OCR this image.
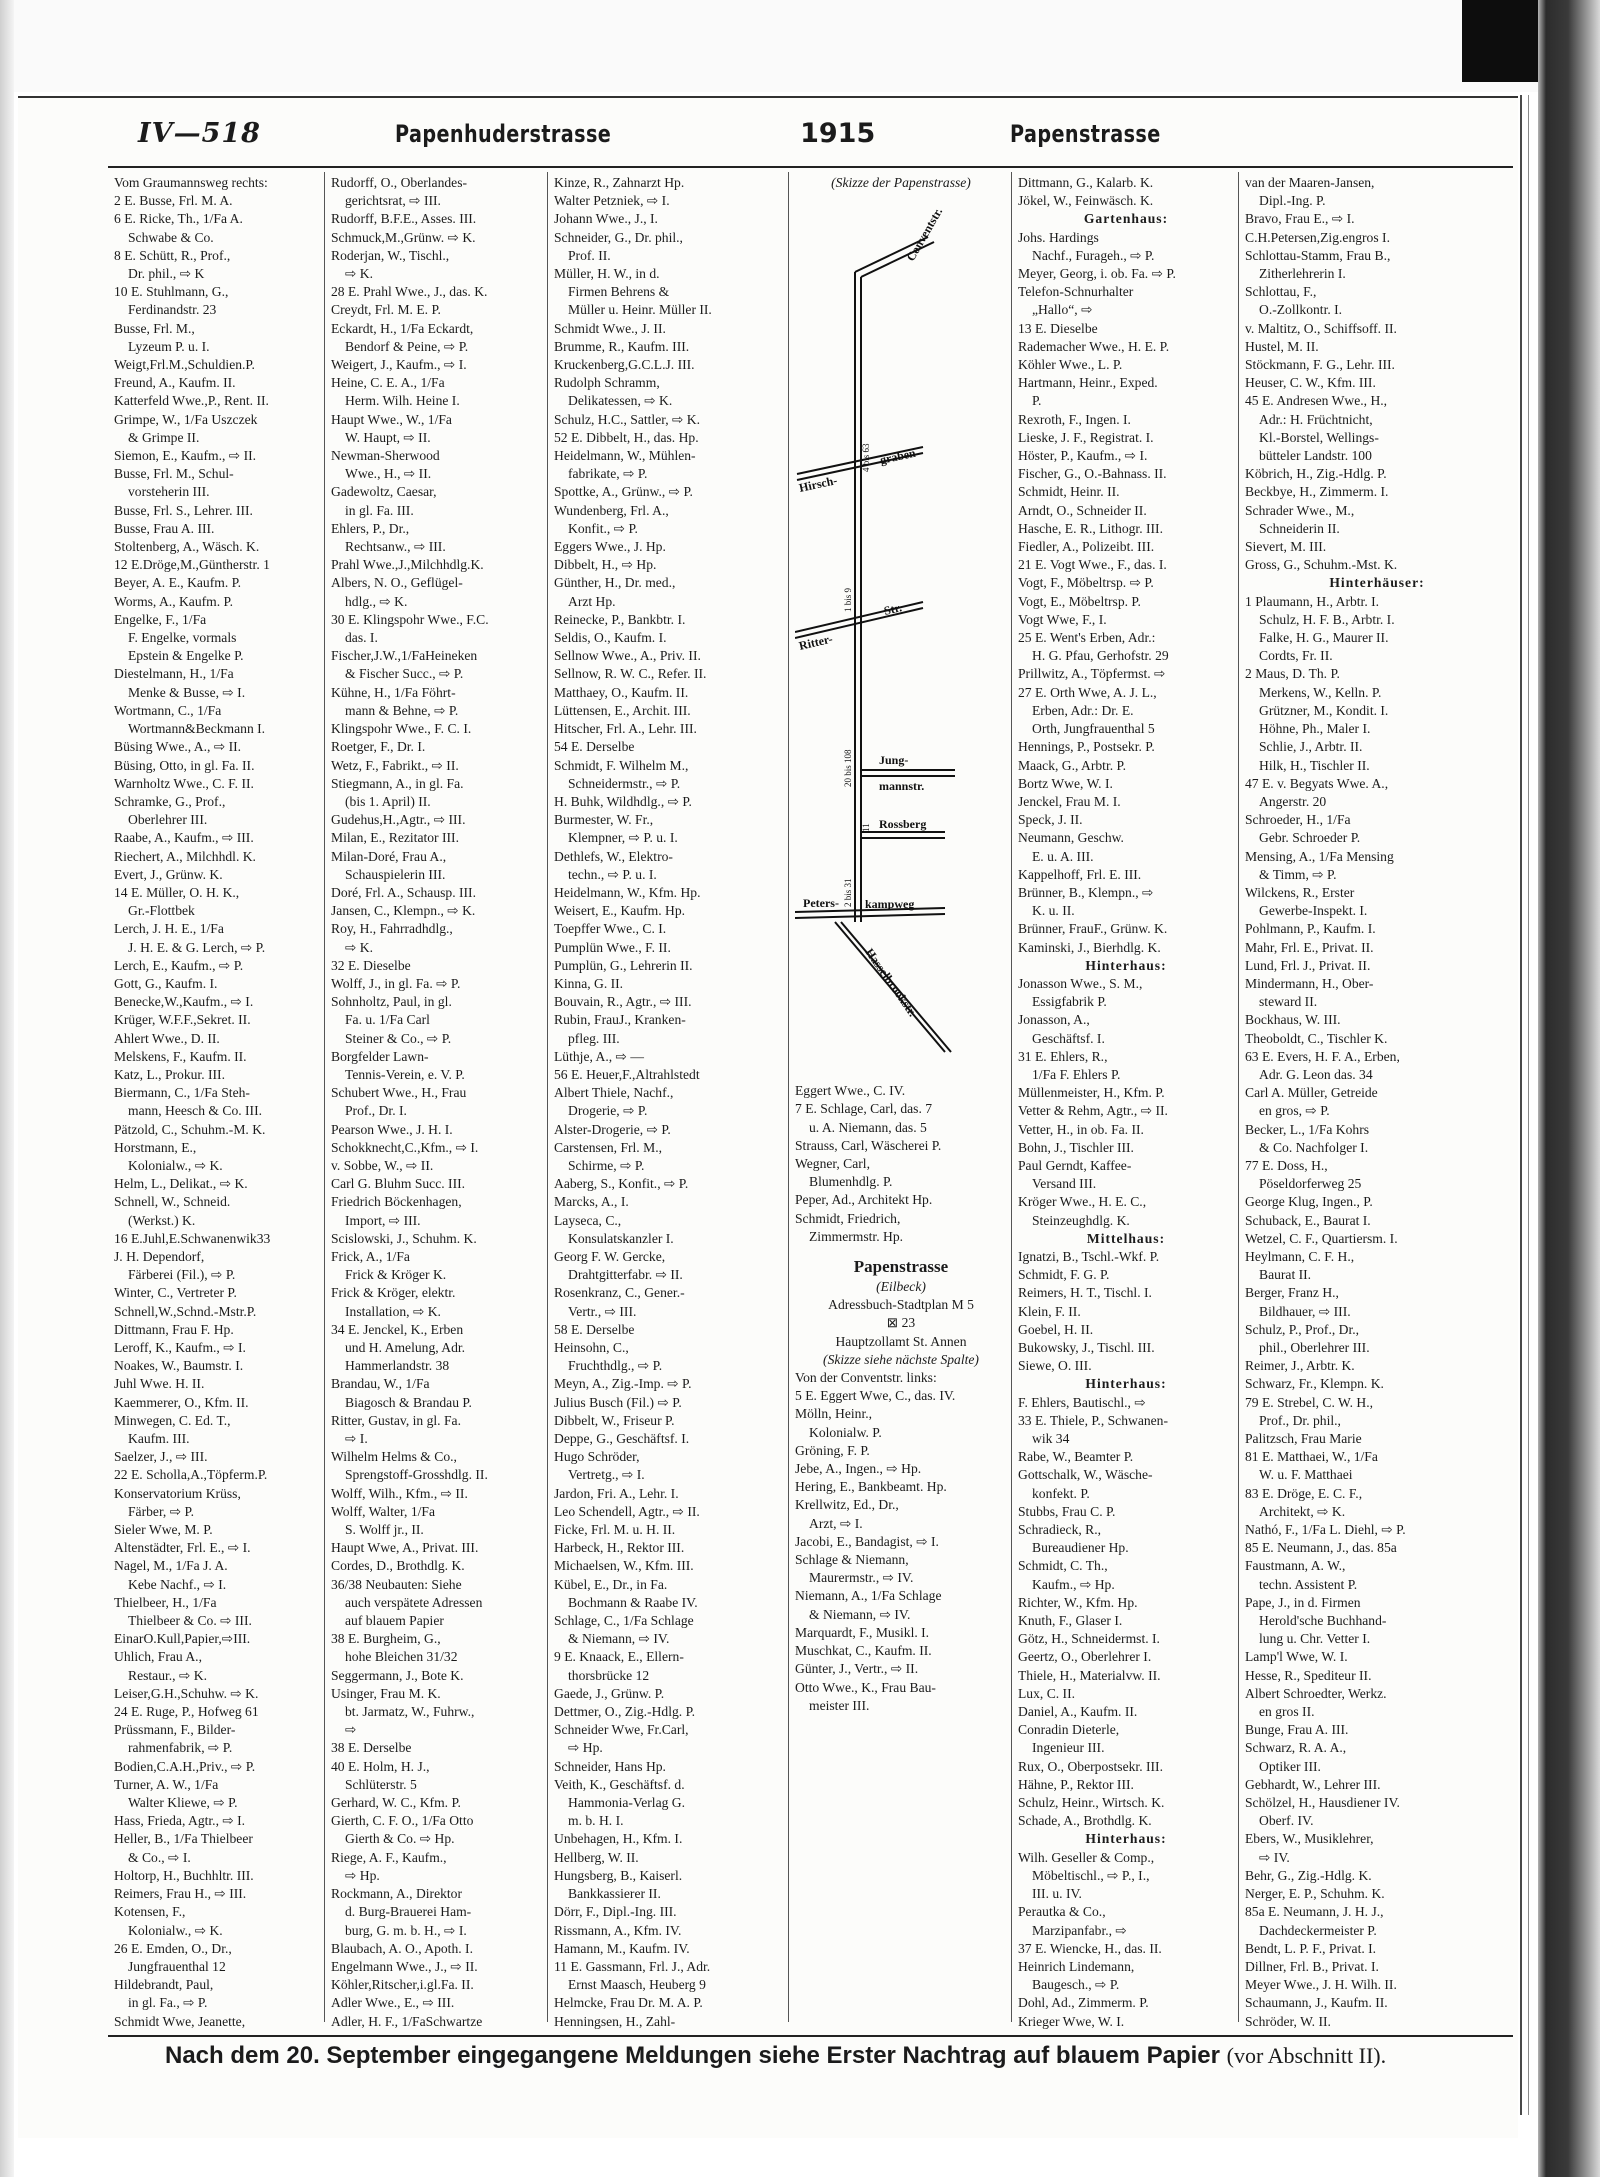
IV—518	Papenhuderstrasse	1915	Papenstrasse
Vom Graumannsweg rechts:
2 E. Busse, Frl. M. A.
6 E. Ricke, Th., 1/Fa A.
Schwabe & Co.
8 E. Schütt, R., Prof.,
Dr. phil., ⇨ K
10 E. Stuhlmann, G.,
Ferdinandstr. 23
Busse, Frl. M.,
Lyzeum P. u. I.
Weigt,Frl.M.,Schuldien.P.
Freund, A., Kaufm. II.
Katterfeld Wwe.,P., Rent. II.
Grimpe, W., 1/Fa Uszczek
& Grimpe II.
Siemon, E., Kaufm., ⇨ II.
Busse, Frl. M., Schul-
vorsteherin III.
Busse, Frl. S., Lehrer. III.
Busse, Frau A. III.
Stoltenberg, A., Wäsch. K.
12 E.Dröge,M.,Güntherstr. 1
Beyer, A. E., Kaufm. P.
Worms, A., Kaufm. P.
Engelke, F., 1/Fa
F. Engelke, vormals
Epstein & Engelke P.
Diestelmann, H., 1/Fa
Menke & Busse, ⇨ I.
Wortmann, C., 1/Fa
Wortmann&Beckmann I.
Büsing Wwe., A., ⇨ II.
Büsing, Otto, in gl. Fa. II.
Warnholtz Wwe., C. F. II.
Schramke, G., Prof.,
Oberlehrer III.
Raabe, A., Kaufm., ⇨ III.
Riechert, A., Milchhdl. K.
Evert, J., Grünw. K.
14 E. Müller, O. H. K.,
Gr.-Flottbek
Lerch, J. H. E., 1/Fa
J. H. E. & G. Lerch, ⇨ P.
Lerch, E., Kaufm., ⇨ P.
Gott, G., Kaufm. I.
Benecke,W.,Kaufm., ⇨ I.
Krüger, W.F.F.,Sekret. II.
Ahlert Wwe., D. II.
Melskens, F., Kaufm. II.
Katz, L., Prokur. III.
Biermann, C., 1/Fa Steh-
mann, Heesch & Co. III.
Pätzold, C., Schuhm.-M. K.
Horstmann, E.,
Kolonialw., ⇨ K.
Helm, L., Delikat., ⇨ K.
Schnell, W., Schneid.
(Werkst.) K.
16 E.Juhl,E.Schwanenwik33
J. H. Dependorf,
Färberei (Fil.), ⇨ P.
Winter, C., Vertreter P.
Schnell,W.,Schnd.-Mstr.P.
Dittmann, Frau F. Hp.
Leroff, K., Kaufm., ⇨ I.
Noakes, W., Baumstr. I.
Juhl Wwe. H. II.
Kaemmerer, O., Kfm. II.
Minwegen, C. Ed. T.,
Kaufm. III.
Saelzer, J., ⇨ III.
22 E. Scholla,A.,Töpferm.P.
Konservatorium Krüss,
Färber, ⇨ P.
Sieler Wwe, M. P.
Altenstädter, Frl. E., ⇨ I.
Nagel, M., 1/Fa J. A.
Kebe Nachf., ⇨ I.
Thielbeer, H., 1/Fa
Thielbeer & Co. ⇨ III.
EinarO.Kull,Papier,⇨III.
Uhlich, Frau A.,
Restaur., ⇨ K.
Leiser,G.H.,Schuhw. ⇨ K.
24 E. Ruge, P., Hofweg 61
Prüssmann, F., Bilder-
rahmenfabrik, ⇨ P.
Bodien,C.A.H.,Priv., ⇨ P.
Turner, A. W., 1/Fa
Walter Kliewe, ⇨ P.
Hass, Frieda, Agtr., ⇨ I.
Heller, B., 1/Fa Thielbeer
& Co., ⇨ I.
Holtorp, H., Buchhltr. III.
Reimers, Frau H., ⇨ III.
Kotensen, F.,
Kolonialw., ⇨ K.
26 E. Emden, O., Dr.,
Jungfrauenthal 12
Hildebrandt, Paul,
in gl. Fa., ⇨ P.
Schmidt Wwe, Jeanette,
Rudorff, O., Oberlandes-
gerichtsrat, ⇨ III.
Rudorff, B.F.E., Asses. III.
Schmuck,M.,Grünw. ⇨ K.
Roderjan, W., Tischl.,
⇨ K.
28 E. Prahl Wwe., J., das. K.
Creydt, Frl. M. E. P.
Eckardt, H., 1/Fa Eckardt,
Bendorf & Peine, ⇨ P.
Weigert, J., Kaufm., ⇨ I.
Heine, C. E. A., 1/Fa
Herm. Wilh. Heine I.
Haupt Wwe., W., 1/Fa
W. Haupt, ⇨ II.
Newman-Sherwood
Wwe., H., ⇨ II.
Gadewoltz, Caesar,
in gl. Fa. III.
Ehlers, P., Dr.,
Rechtsanw., ⇨ III.
Prahl Wwe.,J.,Milchhdlg.K.
Albers, N. O., Geflügel-
hdlg., ⇨ K.
30 E. Klingspohr Wwe., F.C.
das. I.
Fischer,J.W.,1/FaHeineken
& Fischer Succ., ⇨ P.
Kühne, H., 1/Fa Föhrt-
mann & Behne, ⇨ P.
Klingspohr Wwe., F. C. I.
Roetger, F., Dr. I.
Wetz, F., Fabrikt., ⇨ II.
Stiegmann, A., in gl. Fa.
(bis 1. April) II.
Gudehus,H.,Agtr., ⇨ III.
Milan, E., Rezitator III.
Milan-Doré, Frau A.,
Schauspielerin III.
Doré, Frl. A., Schausp. III.
Jansen, C., Klempn., ⇨ K.
Roy, H., Fahrradhdlg.,
⇨ K.
32 E. Dieselbe
Wolff, J., in gl. Fa. ⇨ P.
Sohnholtz, Paul, in gl.
Fa. u. 1/Fa Carl
Steiner & Co., ⇨ P.
Borgfelder Lawn-
Tennis-Verein, e. V. P.
Schubert Wwe., H., Frau
Prof., Dr. I.
Pearson Wwe., J. H. I.
Schokknecht,C.,Kfm., ⇨ I.
v. Sobbe, W., ⇨ II.
Carl G. Bluhm Succ. III.
Friedrich Böckenhagen,
Import, ⇨ III.
Scislowski, J., Schuhm. K.
Frick, A., 1/Fa
Frick & Kröger K.
Frick & Kröger, elektr.
Installation, ⇨ K.
34 E. Jenckel, K., Erben
und H. Amelung, Adr.
Hammerlandstr. 38
Brandau, W., 1/Fa
Biagosch & Brandau P.
Ritter, Gustav, in gl. Fa.
⇨ I.
Wilhelm Helms & Co.,
Sprengstoff-Grosshdlg. II.
Wolff, Wilh., Kfm., ⇨ II.
Wolff, Walter, 1/Fa
S. Wolff jr., II.
Haupt Wwe, A., Privat. III.
Cordes, D., Brothdlg. K.
36/38 Neubauten: Siehe
auch verspätete Adressen
auf blauem Papier
38 E. Burgheim, G.,
hohe Bleichen 31/32
Seggermann, J., Bote K.
Usinger, Frau M. K.
bt. Jarmatz, W., Fuhrw.,
⇨
38 E. Derselbe
40 E. Holm, H. J.,
Schlüterstr. 5
Gerhard, W. C., Kfm. P.
Gierth, C. F. O., 1/Fa Otto
Gierth & Co. ⇨ Hp.
Riege, A. F., Kaufm.,
⇨ Hp.
Rockmann, A., Direktor
d. Burg-Brauerei Ham-
burg, G. m. b. H., ⇨ I.
Blaubach, A. O., Apoth. I.
Engelmann Wwe., J., ⇨ II.
Köhler,Ritscher,i.gl.Fa. II.
Adler Wwe., E., ⇨ III.
Adler, H. F., 1/FaSchwartze
Kinze, R., Zahnarzt Hp.
Walter Petzniek, ⇨ I.
Johann Wwe., J., I.
Schneider, G., Dr. phil.,
Prof. II.
Müller, H. W., in d.
Firmen Behrens &
Müller u. Heinr. Müller II.
Schmidt Wwe., J. II.
Brumme, R., Kaufm. III.
Kruckenberg,G.C.L.J. III.
Rudolph Schramm,
Delikatessen, ⇨ K.
Schulz, H.C., Sattler, ⇨ K.
52 E. Dibbelt, H., das. Hp.
Heidelmann, W., Mühlen-
fabrikate, ⇨ P.
Spottke, A., Grünw., ⇨ P.
Wundenberg, Frl. A.,
Konfit., ⇨ P.
Eggers Wwe., J. Hp.
Dibbelt, H., ⇨ Hp.
Günther, H., Dr. med.,
Arzt Hp.
Reinecke, P., Bankbtr. I.
Seldis, O., Kaufm. I.
Sellnow Wwe., A., Priv. II.
Sellnow, R. W. C., Refer. II.
Matthaey, O., Kaufm. II.
Lüttensen, E., Archit. III.
Hitscher, Frl. A., Lehr. III.
54 E. Derselbe
Schmidt, F. Wilhelm M.,
Schneidermstr., ⇨ P.
H. Buhk, Wildhdlg., ⇨ P.
Burmester, W. Fr.,
Klempner, ⇨ P. u. I.
Dethlefs, W., Elektro-
techn., ⇨ P. u. I.
Heidelmann, W., Kfm. Hp.
Weisert, E., Kaufm. Hp.
Toepffer Wwe., C. I.
Pumplün Wwe., F. II.
Pumplün, G., Lehrerin II.
Kinna, G. II.
Bouvain, R., Agtr., ⇨ III.
Rubin, FrauJ., Kranken-
pfleg. III.
Lüthje, A., ⇨ —
56 E. Heuer,F.,Altrahlstedt
Albert Thiele, Nachf.,
Drogerie, ⇨ P.
Alster-Drogerie, ⇨ P.
Carstensen, Frl. M.,
Schirme, ⇨ P.
Aaberg, S., Konfit., ⇨ P.
Marcks, A., I.
Layseca, C.,
Konsulatskanzler I.
Georg F. W. Gercke,
Drahtgitterfabr. ⇨ II.
Rosenkranz, C., Gener.-
Vertr., ⇨ III.
58 E. Derselbe
Heinsohn, C.,
Fruchthdlg., ⇨ P.
Meyn, A., Zig.-Imp. ⇨ P.
Julius Busch (Fil.) ⇨ P.
Dibbelt, W., Friseur P.
Deppe, G., Geschäftsf. I.
Hugo Schröder,
Vertretg., ⇨ I.
Jardon, Fri. A., Lehr. I.
Leo Schendell, Agtr., ⇨ II.
Ficke, Frl. M. u. H. II.
Harbeck, H., Rektor III.
Michaelsen, W., Kfm. III.
Kübel, E., Dr., in Fa.
Bochmann & Raabe IV.
Schlage, C., 1/Fa Schlage
& Niemann, ⇨ IV.
9 E. Knaack, E., Ellern-
thorsbrücke 12
Gaede, J., Grünw. P.
Dettmer, O., Zig.-Hdlg. P.
Schneider Wwe, Fr.Carl,
⇨ Hp.
Schneider, Hans Hp.
Veith, K., Geschäftsf. d.
Hammonia-Verlag G.
m. b. H. I.
Unbehagen, H., Kfm. I.
Hellberg, W. II.
Hungsberg, B., Kaiserl.
Bankkassierer II.
Dörr, F., Dipl.-Ing. III.
Rissmann, A., Kfm. IV.
Hamann, M., Kaufm. IV.
11 E. Gassmann, Frl. J., Adr.
Ernst Maasch, Heuberg 9
Helmcke, Frau Dr. M. A. P.
Henningsen, H., Zahl-
(Skizze der Papenstrasse)
Conventstr.
Hirsch-
graben
Ritter-
Str.
Jung-
mannstr.
Rossberg
Peters- kampweg
Hasselbrookstr.
4 bis 63
1 bis 9
20 bis 108
11
2 bis 31
Eggert Wwe., C. IV.
7 E. Schlage, Carl, das. 7
u. A. Niemann, das. 5
Strauss, Carl, Wäscherei P.
Wegner, Carl,
Blumenhdlg. P.
Peper, Ad., Architekt Hp.
Schmidt, Friedrich,
Zimmermstr. Hp.
Papenstrasse
(Eilbeck)
Adressbuch-Stadtplan M 5
⊠ 23
Hauptzollamt St. Annen
(Skizze siehe nächste Spalte)
Von der Conventstr. links:
5 E. Eggert Wwe, C., das. IV.
Mölln, Heinr.,
Kolonialw. P.
Gröning, F. P.
Jebe, A., Ingen., ⇨ Hp.
Hering, E., Bankbeamt. Hp.
Krellwitz, Ed., Dr.,
Arzt, ⇨ I.
Jacobi, E., Bandagist, ⇨ I.
Schlage & Niemann,
Maurermstr., ⇨ IV.
Niemann, A., 1/Fa Schlage
& Niemann, ⇨ IV.
Marquardt, F., Musikl. I.
Muschkat, C., Kaufm. II.
Günter, J., Vertr., ⇨ II.
Otto Wwe., K., Frau Bau-
meister III.
Dittmann, G., Kalarb. K.
Jökel, W., Feinwäsch. K.
Gartenhaus:
Johs. Hardings
Nachf., Furageh., ⇨ P.
Meyer, Georg, i. ob. Fa. ⇨ P.
Telefon-Schnurhalter
„Hallo“, ⇨
13 E. Dieselbe
Rademacher Wwe., H. E. P.
Köhler Wwe., L. P.
Hartmann, Heinr., Exped.
P.
Rexroth, F., Ingen. I.
Lieske, J. F., Registrat. I.
Höster, P., Kaufm., ⇨ I.
Fischer, G., O.-Bahnass. II.
Schmidt, Heinr. II.
Arndt, O., Schneider II.
Hasche, E. R., Lithogr. III.
Fiedler, A., Polizeibt. III.
21 E. Vogt Wwe., F., das. I.
Vogt, F., Möbeltrsp. ⇨ P.
Vogt, E., Möbeltrsp. P.
Vogt Wwe, F., I.
25 E. Went's Erben, Adr.:
H. G. Pfau, Gerhofstr. 29
Prillwitz, A., Töpfermst. ⇨
27 E. Orth Wwe, A. J. L.,
Erben, Adr.: Dr. E.
Orth, Jungfrauenthal 5
Hennings, P., Postsekr. P.
Maack, G., Arbtr. P.
Bortz Wwe, W. I.
Jenckel, Frau M. I.
Speck, J. II.
Neumann, Geschw.
E. u. A. III.
Kappelhoff, Frl. E. III.
Brünner, B., Klempn., ⇨
K. u. II.
Brünner, FrauF., Grünw. K.
Kaminski, J., Bierhdlg. K.
Hinterhaus:
Jonasson Wwe., S. M.,
Essigfabrik P.
Jonasson, A.,
Geschäftsf. I.
31 E. Ehlers, R.,
1/Fa F. Ehlers P.
Müllenmeister, H., Kfm. P.
Vetter & Rehm, Agtr., ⇨ II.
Vetter, H., in ob. Fa. II.
Bohn, J., Tischler III.
Paul Gerndt, Kaffee-
Versand III.
Kröger Wwe., H. E. C.,
Steinzeughdlg. K.
Mittelhaus:
Ignatzi, B., Tschl.-Wkf. P.
Schmidt, F. G. P.
Reimers, H. T., Tischl. I.
Klein, F. II.
Goebel, H. II.
Bukowsky, J., Tischl. III.
Siewe, O. III.
Hinterhaus:
F. Ehlers, Bautischl., ⇨
33 E. Thiele, P., Schwanen-
wik 34
Rabe, W., Beamter P.
Gottschalk, W., Wäsche-
konfekt. P.
Stubbs, Frau C. P.
Schradieck, R.,
Bureaudiener Hp.
Schmidt, C. Th.,
Kaufm., ⇨ Hp.
Richter, W., Kfm. Hp.
Knuth, F., Glaser I.
Götz, H., Schneidermst. I.
Geertz, O., Oberlehrer I.
Thiele, H., Materialvw. II.
Lux, C. II.
Daniel, A., Kaufm. II.
Conradin Dieterle,
Ingenieur III.
Rux, O., Oberpostsekr. III.
Hähne, P., Rektor III.
Schulz, Heinr., Wirtsch. K.
Schade, A., Brothdlg. K.
Hinterhaus:
Wilh. Geseller & Comp.,
Möbeltischl., ⇨ P., I.,
III. u. IV.
Perautka & Co.,
Marzipanfabr., ⇨
37 E. Wiencke, H., das. II.
Heinrich Lindemann,
Baugesch., ⇨ P.
Dohl, Ad., Zimmerm. P.
Krieger Wwe, W. I.
van der Maaren-Jansen,
Dipl.-Ing. P.
Bravo, Frau E., ⇨ I.
C.H.Petersen,Zig.engros I.
Schlottau-Stamm, Frau B.,
Zitherlehrerin I.
Schlottau, F.,
O.-Zollkontr. I.
v. Maltitz, O., Schiffsoff. II.
Hustel, M. II.
Stöckmann, F. G., Lehr. III.
Heuser, C. W., Kfm. III.
45 E. Andresen Wwe., H.,
Adr.: H. Früchtnicht,
Kl.-Borstel, Wellings-
bütteler Landstr. 100
Köbrich, H., Zig.-Hdlg. P.
Beckbye, H., Zimmerm. I.
Schrader Wwe., M.,
Schneiderin II.
Sievert, M. III.
Gross, G., Schuhm.-Mst. K.
Hinterhäuser:
1 Plaumann, H., Arbtr. I.
Schulz, H. F. B., Arbtr. I.
Falke, H. G., Maurer II.
Cordts, Fr. II.
2 Maus, D. Th. P.
Merkens, W., Kelln. P.
Grützner, M., Kondit. I.
Höhne, Ph., Maler I.
Schlie, J., Arbtr. II.
Hilk, H., Tischler II.
47 E. v. Begyats Wwe. A.,
Angerstr. 20
Schroeder, H., 1/Fa
Gebr. Schroeder P.
Mensing, A., 1/Fa Mensing
& Timm, ⇨ P.
Wilckens, R., Erster
Gewerbe-Inspekt. I.
Pohlmann, P., Kaufm. I.
Mahr, Frl. E., Privat. II.
Lund, Frl. J., Privat. II.
Mindermann, H., Ober-
steward II.
Bockhaus, W. III.
Theoboldt, C., Tischler K.
63 E. Evers, H. F. A., Erben,
Adr. G. Leon das. 34
Carl A. Müller, Getreide
en gros, ⇨ P.
Becker, L., 1/Fa Kohrs
& Co. Nachfolger I.
77 E. Doss, H.,
Pöseldorferweg 25
George Klug, Ingen., P.
Schuback, E., Baurat I.
Wetzel, C. F., Quartiersm. I.
Heylmann, C. F. H.,
Baurat II.
Berger, Franz H.,
Bildhauer, ⇨ III.
Schulz, P., Prof., Dr.,
phil., Oberlehrer III.
Reimer, J., Arbtr. K.
Schwarz, Fr., Klempn. K.
79 E. Strebel, C. W. H.,
Prof., Dr. phil.,
Palitzsch, Frau Marie
81 E. Matthaei, W., 1/Fa
W. u. F. Matthaei
83 E. Dröge, E. C. F.,
Architekt, ⇨ K.
Nathó, F., 1/Fa L. Diehl, ⇨ P.
85 E. Neumann, J., das. 85a
Faustmann, A. W.,
techn. Assistent P.
Pape, J., in d. Firmen
Herold'sche Buchhand-
lung u. Chr. Vetter I.
Lamp'l Wwe, W. I.
Hesse, R., Spediteur II.
Albert Schroedter, Werkz.
en gros II.
Bunge, Frau A. III.
Schwarz, R. A. A.,
Optiker III.
Gebhardt, W., Lehrer III.
Schölzel, H., Hausdiener IV.
Oberf. IV.
Ebers, W., Musiklehrer,
⇨ IV.
Behr, G., Zig.-Hdlg. K.
Nerger, E. P., Schuhm. K.
85a E. Neumann, J. H. J.,
Dachdeckermeister P.
Bendt, L. P. F., Privat. I.
Dillner, Frl. B., Privat. I.
Meyer Wwe., J. H. Wilh. II.
Schaumann, J., Kaufm. II.
Schröder, W. II.
Nach dem 20. September eingegangene Meldungen siehe Erster Nachtrag auf blauem Papier (vor Abschnitt II).
